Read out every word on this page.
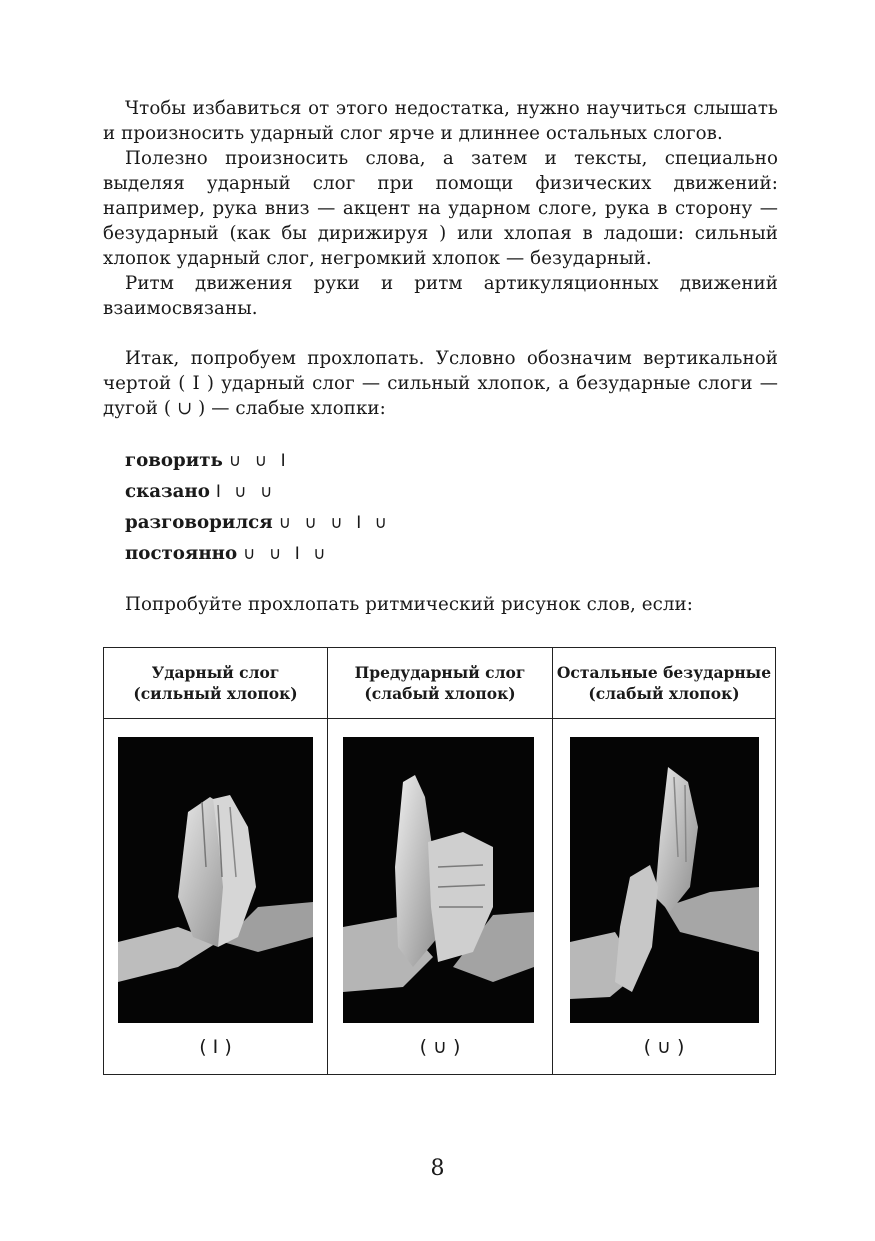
Чтобы избавиться от этого недостатка, нужно научиться слышать и произносить ударный слог ярче и длиннее остальных слогов.

Полезно произносить слова, а затем и тексты, специально выделяя ударный слог при помощи физических движений: например, рука вниз — акцент на ударном слоге, рука в сторону — безударный (как бы дирижируя ) или хлопая в ладоши: сильный хлопок ударный слог, негромкий хлопок — безударный.

Ритм движения руки и ритм артикуляционных движений взаимосвязаны.

Итак, попробуем прохлопать. Условно обозначим вертикальной чертой ( I ) ударный слог — сильный хлопок, а безударные слоги — дугой ( ∪ ) — слабые хлопки:

говорить ∪ ∪ I
сказано I ∪ ∪
разговорился ∪ ∪ ∪ I ∪
постоянно ∪ ∪ I ∪

Попробуйте прохлопать ритмический рисунок слов, если:

Ударный слог
(сильный хлопок)
( I )
Предударный слог
(слабый хлопок)
( ∪ )
Остальные безударные
(слабый хлопок)
( ∪ )
8
